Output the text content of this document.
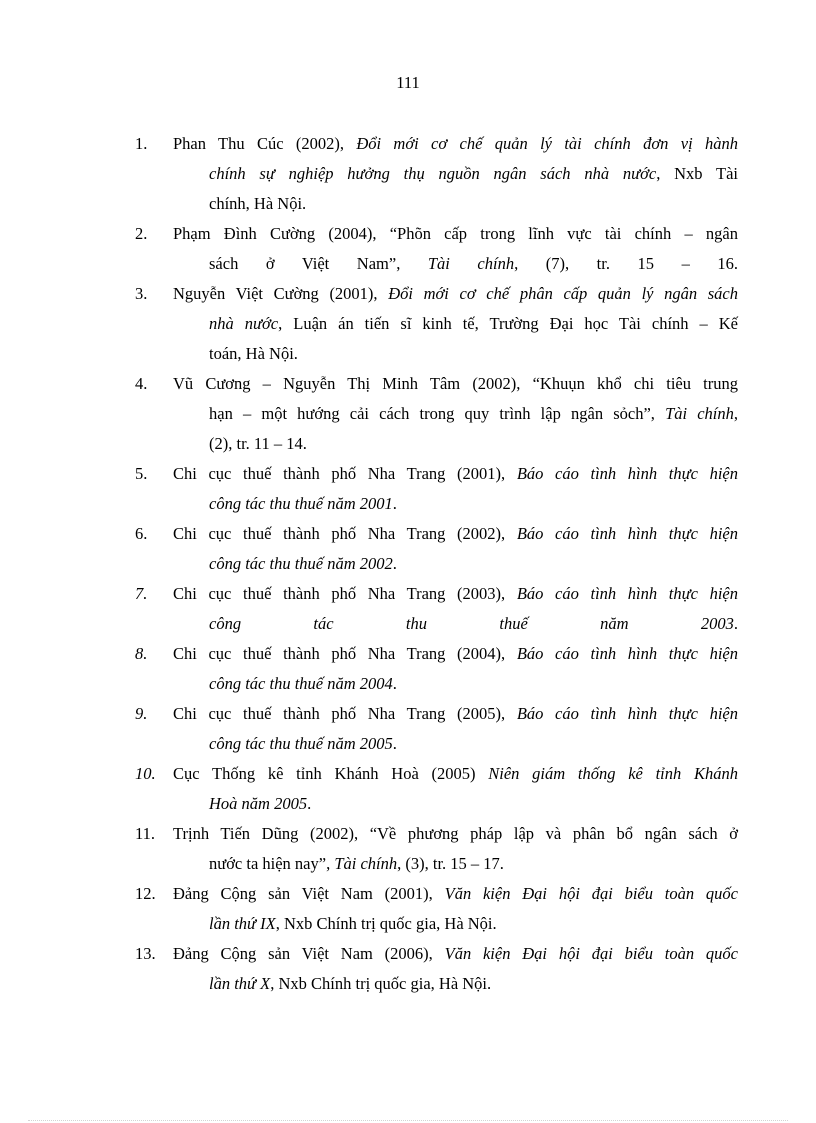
111
1. Phan Thu Cúc (2002), Đổi mới cơ chế quản lý tài chính đơn vị hành
chính sự nghiệp hưởng thụ nguồn ngân sách nhà nước, Nxb Tài
chính, Hà Nội.
2. Phạm Đình Cường (2004), “Phõn cấp trong lĩnh vực tài chính – ngân
sách ở Việt Nam”, Tài chính, (7), tr. 15 – 16.
3. Nguyễn Việt Cường (2001), Đổi mới cơ chế phân cấp quản lý ngân sách
nhà nước, Luận án tiến sĩ kinh tế, Trường Đại học Tài chính – Kế
toán, Hà Nội.
4. Vũ Cương – Nguyễn Thị Minh Tâm (2002), “Khuụn khổ chi tiêu trung
hạn – một hướng cải cách trong quy trình lập ngân sỏch”, Tài chính,
(2), tr. 11 – 14.
5. Chi cục thuế thành phố Nha Trang (2001), Báo cáo tình hình thực hiện
công tác thu thuế năm 2001.
6. Chi cục thuế thành phố Nha Trang (2002), Báo cáo tình hình thực hiện
công tác thu thuế năm 2002.
7. Chi cục thuế thành phố Nha Trang (2003), Báo cáo tình hình thực hiện
công tác thu thuế năm 2003.
8. Chi cục thuế thành phố Nha Trang (2004), Báo cáo tình hình thực hiện
công tác thu thuế năm 2004.
9. Chi cục thuế thành phố Nha Trang (2005), Báo cáo tình hình thực hiện
công tác thu thuế năm 2005.
10. Cục Thống kê tỉnh Khánh Hoà (2005) Niên giám thống kê tỉnh Khánh
Hoà năm 2005.
11. Trịnh Tiến Dũng (2002), “Về phương pháp lập và phân bổ ngân sách ở
nước ta hiện nay”, Tài chính, (3), tr. 15 – 17.
12. Đảng Cộng sản Việt Nam (2001), Văn kiện Đại hội đại biểu toàn quốc
lần thứ IX, Nxb Chính trị quốc gia, Hà Nội.
13. Đảng Cộng sản Việt Nam (2006), Văn kiện Đại hội đại biểu toàn quốc
lần thứ X, Nxb Chính trị quốc gia, Hà Nội.
